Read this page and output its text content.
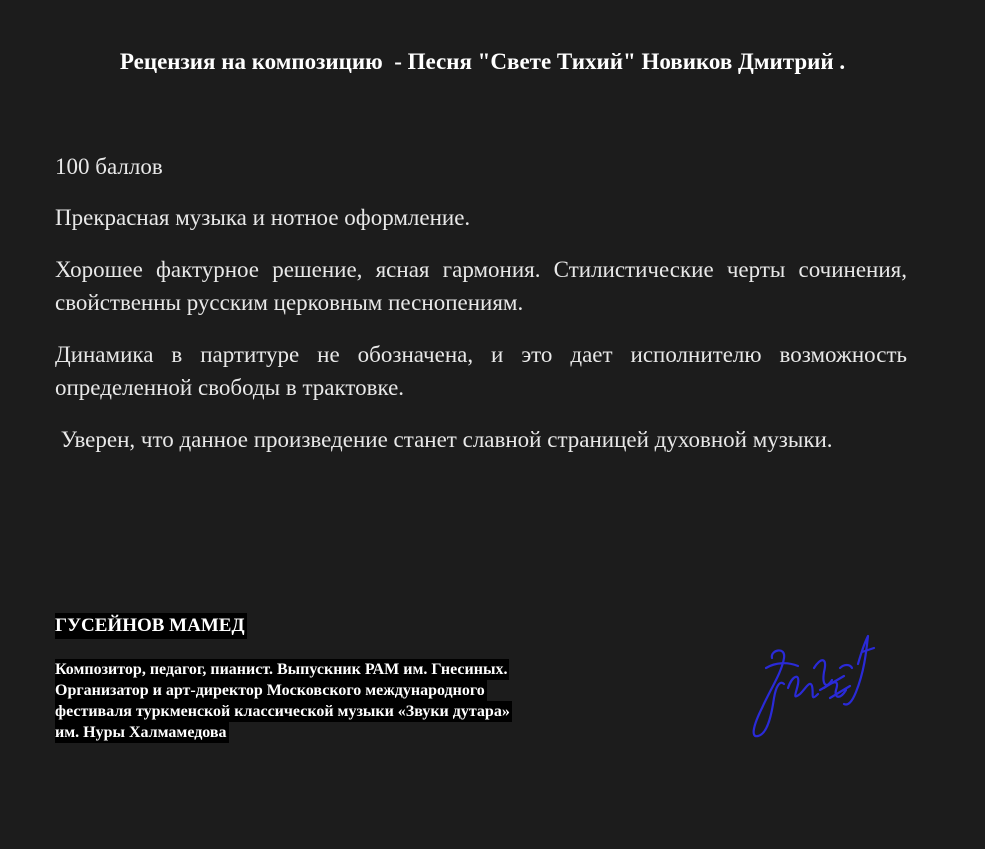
Рецензия на композицию  - Песня "Свете Тихий" Новиков Дмитрий .

100 баллов

Прекрасная музыка и нотное оформление.

Хорошее фактурное решение, ясная гармония. Стилистические черты сочинения, свойственны русским церковным песнопениям.

Динамика в партитуре не обозначена, и это дает исполнителю возможность определенной свободы в трактовке.

Уверен, что данное произведение станет славной страницей духовной музыки.

ГУСЕЙНОВ МАМЕД
Композитор, педагог, пианист. Выпускник РАМ им. Гнесиных.
Организатор и арт-директор Московского международного
фестиваля туркменской классической музыки «Звуки дутара»
им. Нуры Халмамедова
